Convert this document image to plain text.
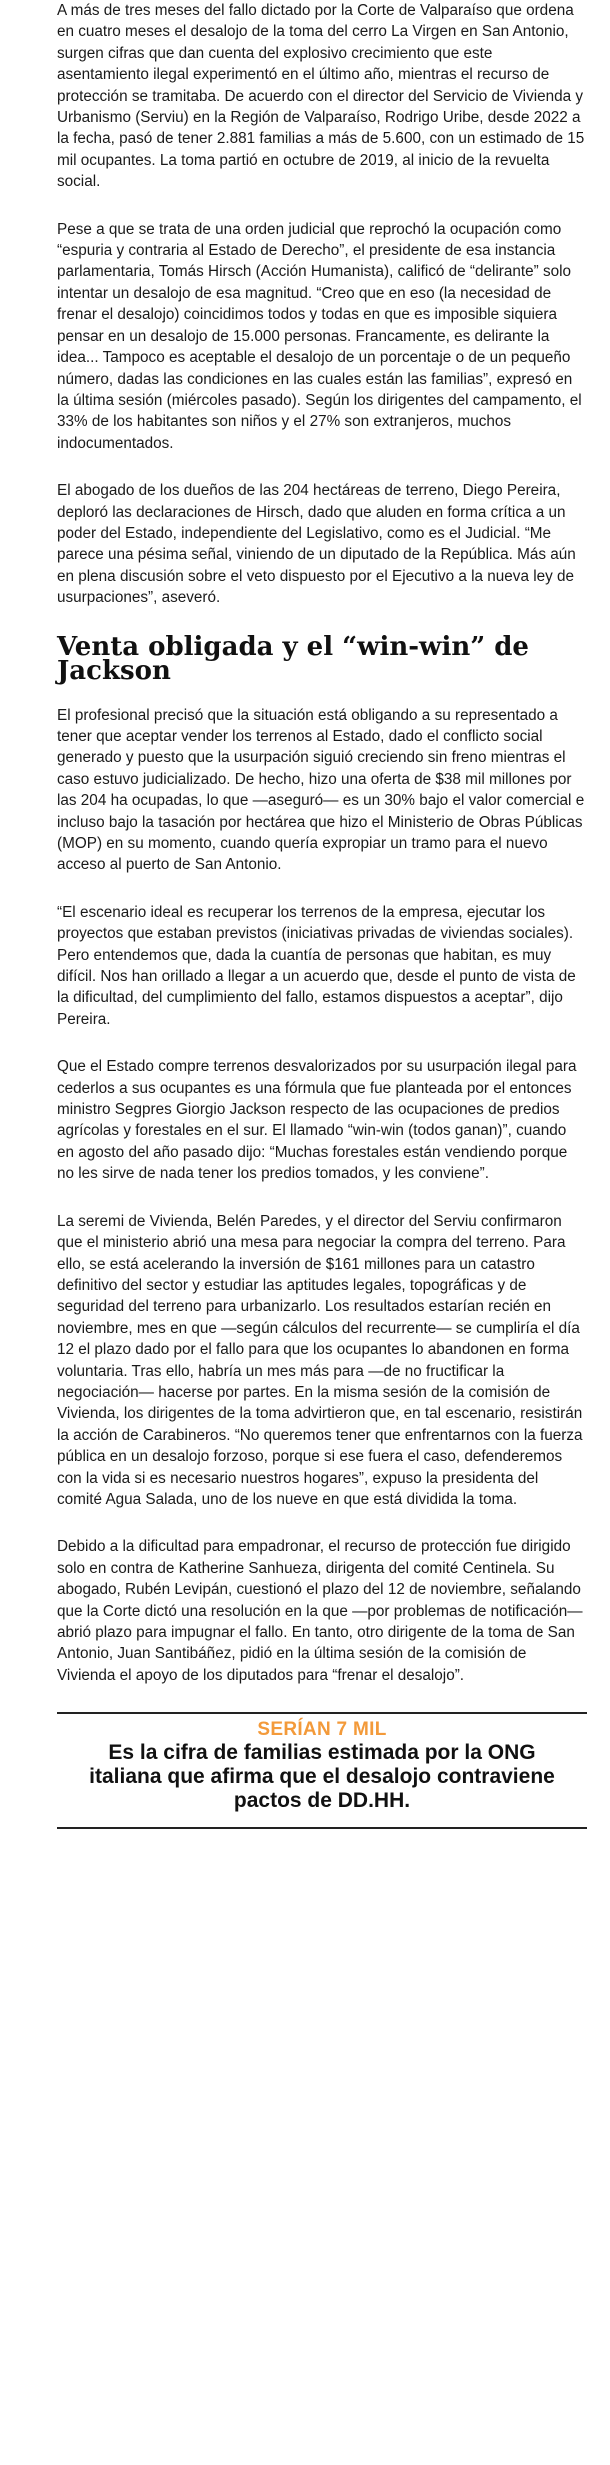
A más de tres meses del fallo dictado por la Corte de Valparaíso que ordena en cuatro meses el desalojo de la toma del cerro La Virgen en San Antonio, surgen cifras que dan cuenta del explosivo crecimiento que este asentamiento ilegal experimentó en el último año, mientras el recurso de protección se tramitaba. De acuerdo con el director del Servicio de Vivienda y Urbanismo (Serviu) en la Región de Valparaíso, Rodrigo Uribe, desde 2022 a la fecha, pasó de tener 2.881 familias a más de 5.600, con un estimado de 15 mil ocupantes. La toma partió en octubre de 2019, al inicio de la revuelta social.

Pese a que se trata de una orden judicial que reprochó la ocupación como “espuria y contraria al Estado de Derecho”, el presidente de esa instancia parlamentaria, Tomás Hirsch (Acción Humanista), calificó de “delirante” solo intentar un desalojo de esa magnitud. “Creo que en eso (la necesidad de frenar el desalojo) coincidimos todos y todas en que es imposible siquiera pensar en un desalojo de 15.000 personas. Francamente, es delirante la idea... Tampoco es aceptable el desalojo de un porcentaje o de un pequeño número, dadas las condiciones en las cuales están las familias”, expresó en la última sesión (miércoles pasado). Según los dirigentes del campamento, el 33% de los habitantes son niños y el 27% son extranjeros, muchos indocumentados.

El abogado de los dueños de las 204 hectáreas de terreno, Diego Pereira, deploró las declaraciones de Hirsch, dado que aluden en forma crítica a un poder del Estado, independiente del Legislativo, como es el Judicial. “Me parece una pésima señal, viniendo de un diputado de la República. Más aún en plena discusión sobre el veto dispuesto por el Ejecutivo a la nueva ley de usurpaciones”, aseveró.

Venta obligada y el “win-win” de Jackson

El profesional precisó que la situación está obligando a su representado a tener que aceptar vender los terrenos al Estado, dado el conflicto social generado y puesto que la usurpación siguió creciendo sin freno mientras el caso estuvo judicializado. De hecho, hizo una oferta de $38 mil millones por las 204 ha ocupadas, lo que —aseguró— es un 30% bajo el valor comercial e incluso bajo la tasación por hectárea que hizo el Ministerio de Obras Públicas (MOP) en su momento, cuando quería expropiar un tramo para el nuevo acceso al puerto de San Antonio.

“El escenario ideal es recuperar los terrenos de la empresa, ejecutar los proyectos que estaban previstos (iniciativas privadas de viviendas sociales). Pero entendemos que, dada la cuantía de personas que habitan, es muy difícil. Nos han orillado a llegar a un acuerdo que, desde el punto de vista de la dificultad, del cumplimiento del fallo, estamos dispuestos a aceptar”, dijo Pereira.

Que el Estado compre terrenos desvalorizados por su usurpación ilegal para cederlos a sus ocupantes es una fórmula que fue planteada por el entonces ministro Segpres Giorgio Jackson respecto de las ocupaciones de predios agrícolas y forestales en el sur. El llamado “win-win (todos ganan)”, cuando en agosto del año pasado dijo: “Muchas forestales están vendiendo porque no les sirve de nada tener los predios tomados, y les conviene”.

La seremi de Vivienda, Belén Paredes, y el director del Serviu confirmaron que el ministerio abrió una mesa para negociar la compra del terreno. Para ello, se está acelerando la inversión de $161 millones para un catastro definitivo del sector y estudiar las aptitudes legales, topográficas y de seguridad del terreno para urbanizarlo. Los resultados estarían recién en noviembre, mes en que —según cálculos del recurrente— se cumpliría el día 12 el plazo dado por el fallo para que los ocupantes lo abandonen en forma voluntaria. Tras ello, habría un mes más para —de no fructificar la negociación— hacerse por partes. En la misma sesión de la comisión de Vivienda, los dirigentes de la toma advirtieron que, en tal escenario, resistirán la acción de Carabineros. “No queremos tener que enfrentarnos con la fuerza pública en un desalojo forzoso, porque si ese fuera el caso, defenderemos con la vida si es necesario nuestros hogares”, expuso la presidenta del comité Agua Salada, uno de los nueve en que está dividida la toma.

Debido a la dificultad para empadronar, el recurso de protección fue dirigido solo en contra de Katherine Sanhueza, dirigenta del comité Centinela. Su abogado, Rubén Levipán, cuestionó el plazo del 12 de noviembre, señalando que la Corte dictó una resolución en la que —por problemas de notificación— abrió plazo para impugnar el fallo. En tanto, otro dirigente de la toma de San Antonio, Juan Santibáñez, pidió en la última sesión de la comisión de Vivienda el apoyo de los diputados para “frenar el desalojo”.

SERÍAN 7 MIL
Es la cifra de familias estimada por la ONG italiana que afirma que el desalojo contraviene pactos de DD.HH.
